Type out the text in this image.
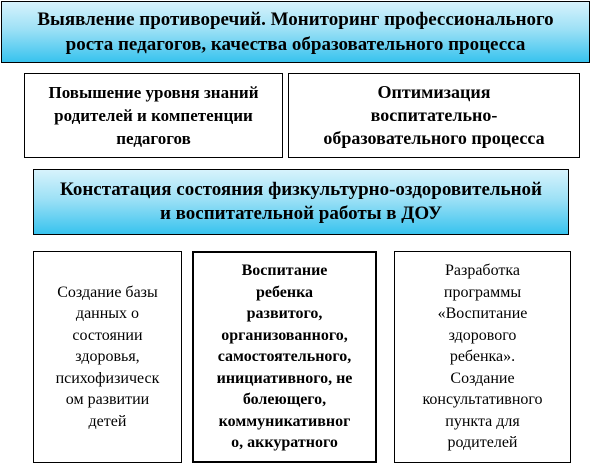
Выявление противоречий. Мониторинг профессионального
роста педагогов, качества образовательного процесса
Повышение уровня знаний
родителей и компетенции
педагогов
Оптимизация
воспитательно-
образовательного процесса
Констатация состояния физкультурно-оздоровительной
и воспитательной работы в ДОУ
Создание базы
данных о
состоянии
здоровья,
психофизическ
ом развитии
детей
Воспитание
ребенка
развитого,
организованного,
самостоятельного,
инициативного, не
болеющего,
коммуникативног
о, аккуратного
Разработка
программы
«Воспитание
здорового
ребенка».
Создание
консультативного
пункта для
родителей
